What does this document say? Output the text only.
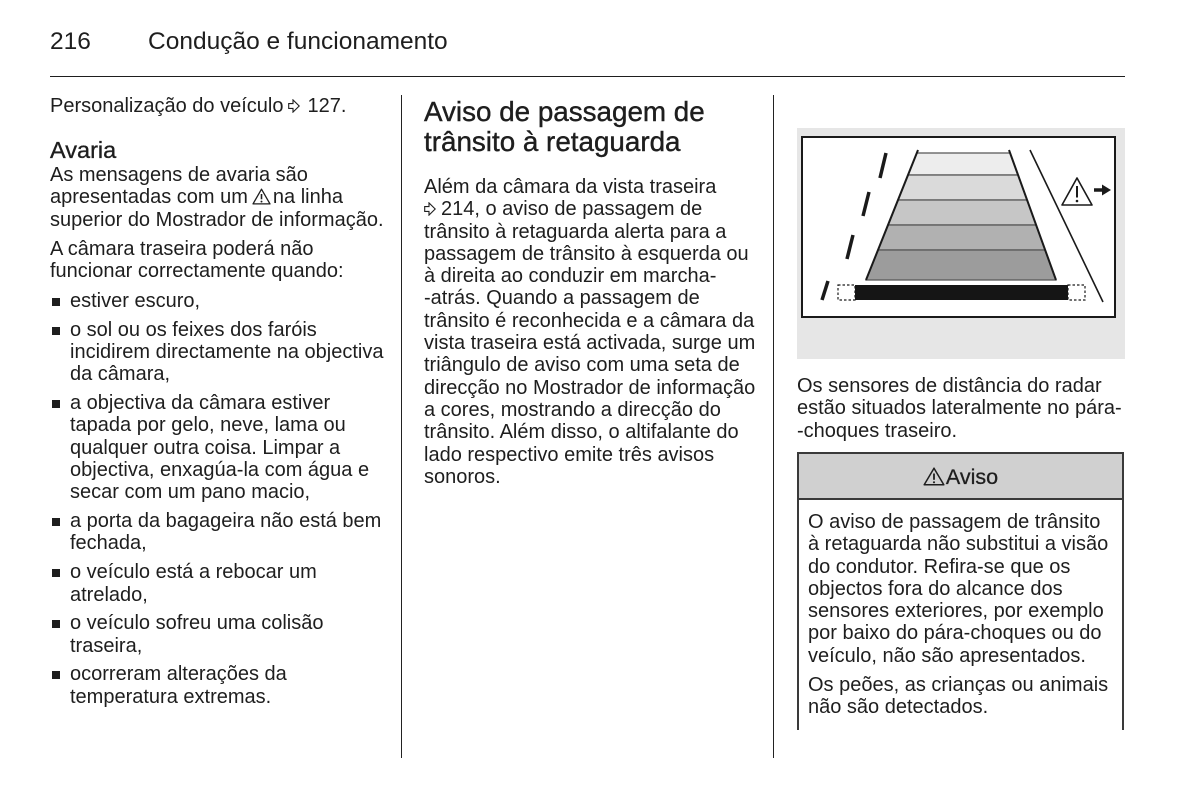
216 Condução e funcionamento

Personalização do veículo 127.

Avaria

As mensagens de avaria são
apresentadas com um na linha
superior do Mostrador de informação.

A câmara traseira poderá não
funcionar correctamente quando:

estiver escuro,
o sol ou os feixes dos faróis
incidirem directamente na objectiva
da câmara,
a objectiva da câmara estiver
tapada por gelo, neve, lama ou
qualquer outra coisa. Limpar a
objectiva, enxagúa-la com água e
secar com um pano macio,
a porta da bagageira não está bem
fechada,
o veículo está a rebocar um
atrelado,
o veículo sofreu uma colisão
traseira,
ocorreram alterações da
temperatura extremas.
Aviso de passagem de
trânsito à retaguarda

Além da câmara da vista traseira

214, o aviso de passagem de
trânsito à retaguarda alerta para a
passagem de trânsito à esquerda ou
à direita ao conduzir em marcha-
-atrás. Quando a passagem de
trânsito é reconhecida e a câmara da
vista traseira está activada, surge um
triângulo de aviso com uma seta de
direcção no Mostrador de informação
a cores, mostrando a direcção do
trânsito. Além disso, o altifalante do
lado respectivo emite três avisos
sonoros.

Os sensores de distância do radar
estão situados lateralmente no pára-
-choques traseiro.

Aviso

O aviso de passagem de trânsito
à retaguarda não substitui a visão
do condutor. Refira-se que os
objectos fora do alcance dos
sensores exteriores, por exemplo
por baixo do pára-choques ou do
veículo, não são apresentados.

Os peões, as crianças ou animais
não são detectados.
